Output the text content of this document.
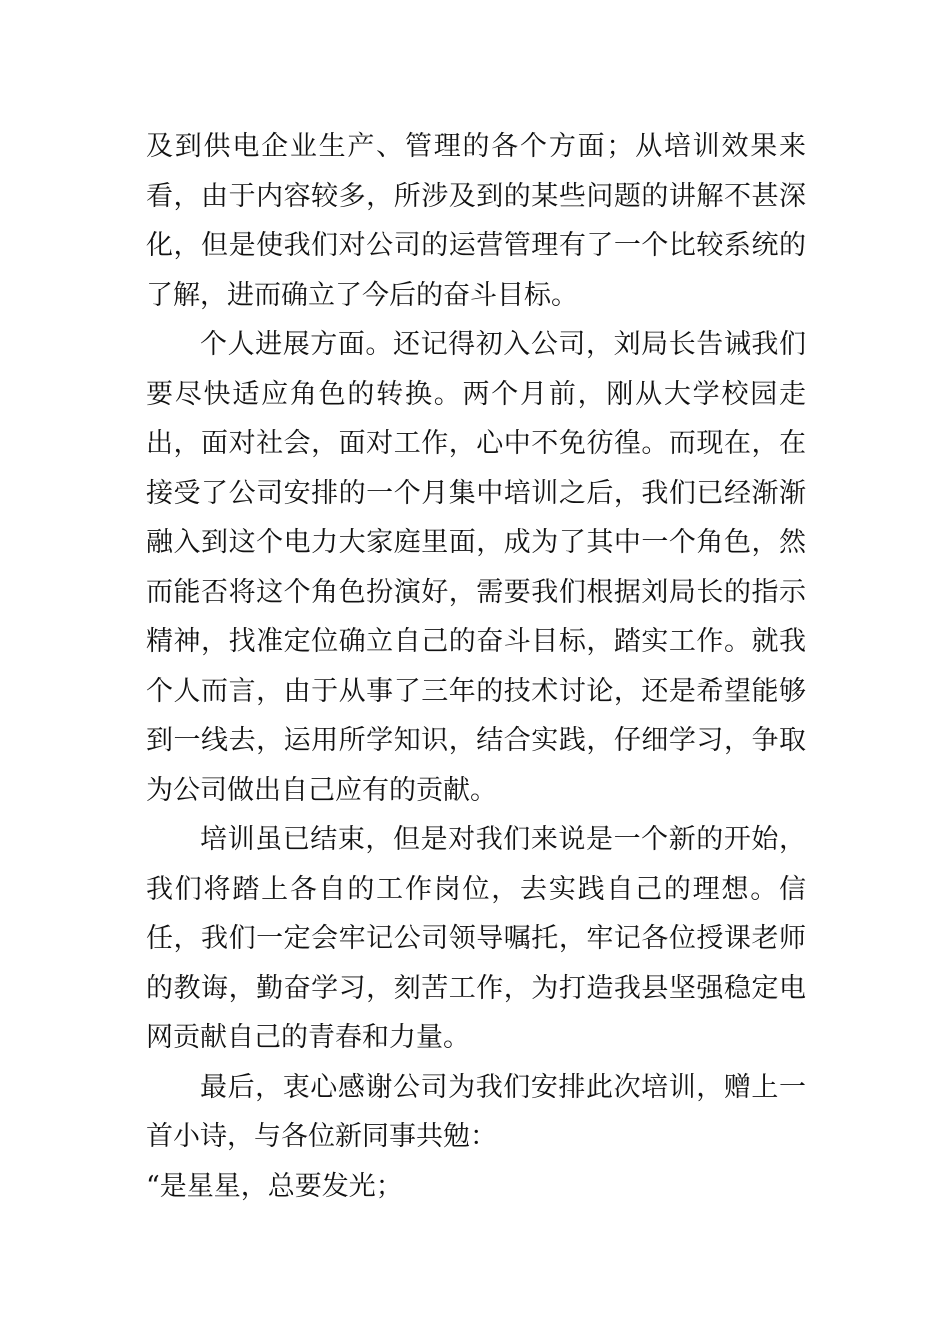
及到供电企业生产、管理的各个方面；从培训效果来看，由于内容较多，所涉及到的某些问题的讲解不甚深化，但是使我们对公司的运营管理有了一个比较系统的了解，进而确立了今后的奋斗目标。

个人进展方面。还记得初入公司，刘局长告诫我们要尽快适应角色的转换。两个月前，刚从大学校园走出，面对社会，面对工作，心中不免彷徨。而现在，在接受了公司安排的一个月集中培训之后，我们已经渐渐融入到这个电力大家庭里面，成为了其中一个角色，然而能否将这个角色扮演好，需要我们根据刘局长的指示精神，找准定位确立自己的奋斗目标，踏实工作。就我个人而言，由于从事了三年的技术讨论，还是希望能够到一线去，运用所学知识，结合实践，仔细学习，争取为公司做出自己应有的贡献。

培训虽已结束，但是对我们来说是一个新的开始，我们将踏上各自的工作岗位，去实践自己的理想。信任，我们一定会牢记公司领导嘱托，牢记各位授课老师的教诲，勤奋学习，刻苦工作，为打造我县坚强稳定电网贡献自己的青春和力量。

最后，衷心感谢公司为我们安排此次培训，赠上一首小诗，与各位新同事共勉：

“是星星，总要发光；
